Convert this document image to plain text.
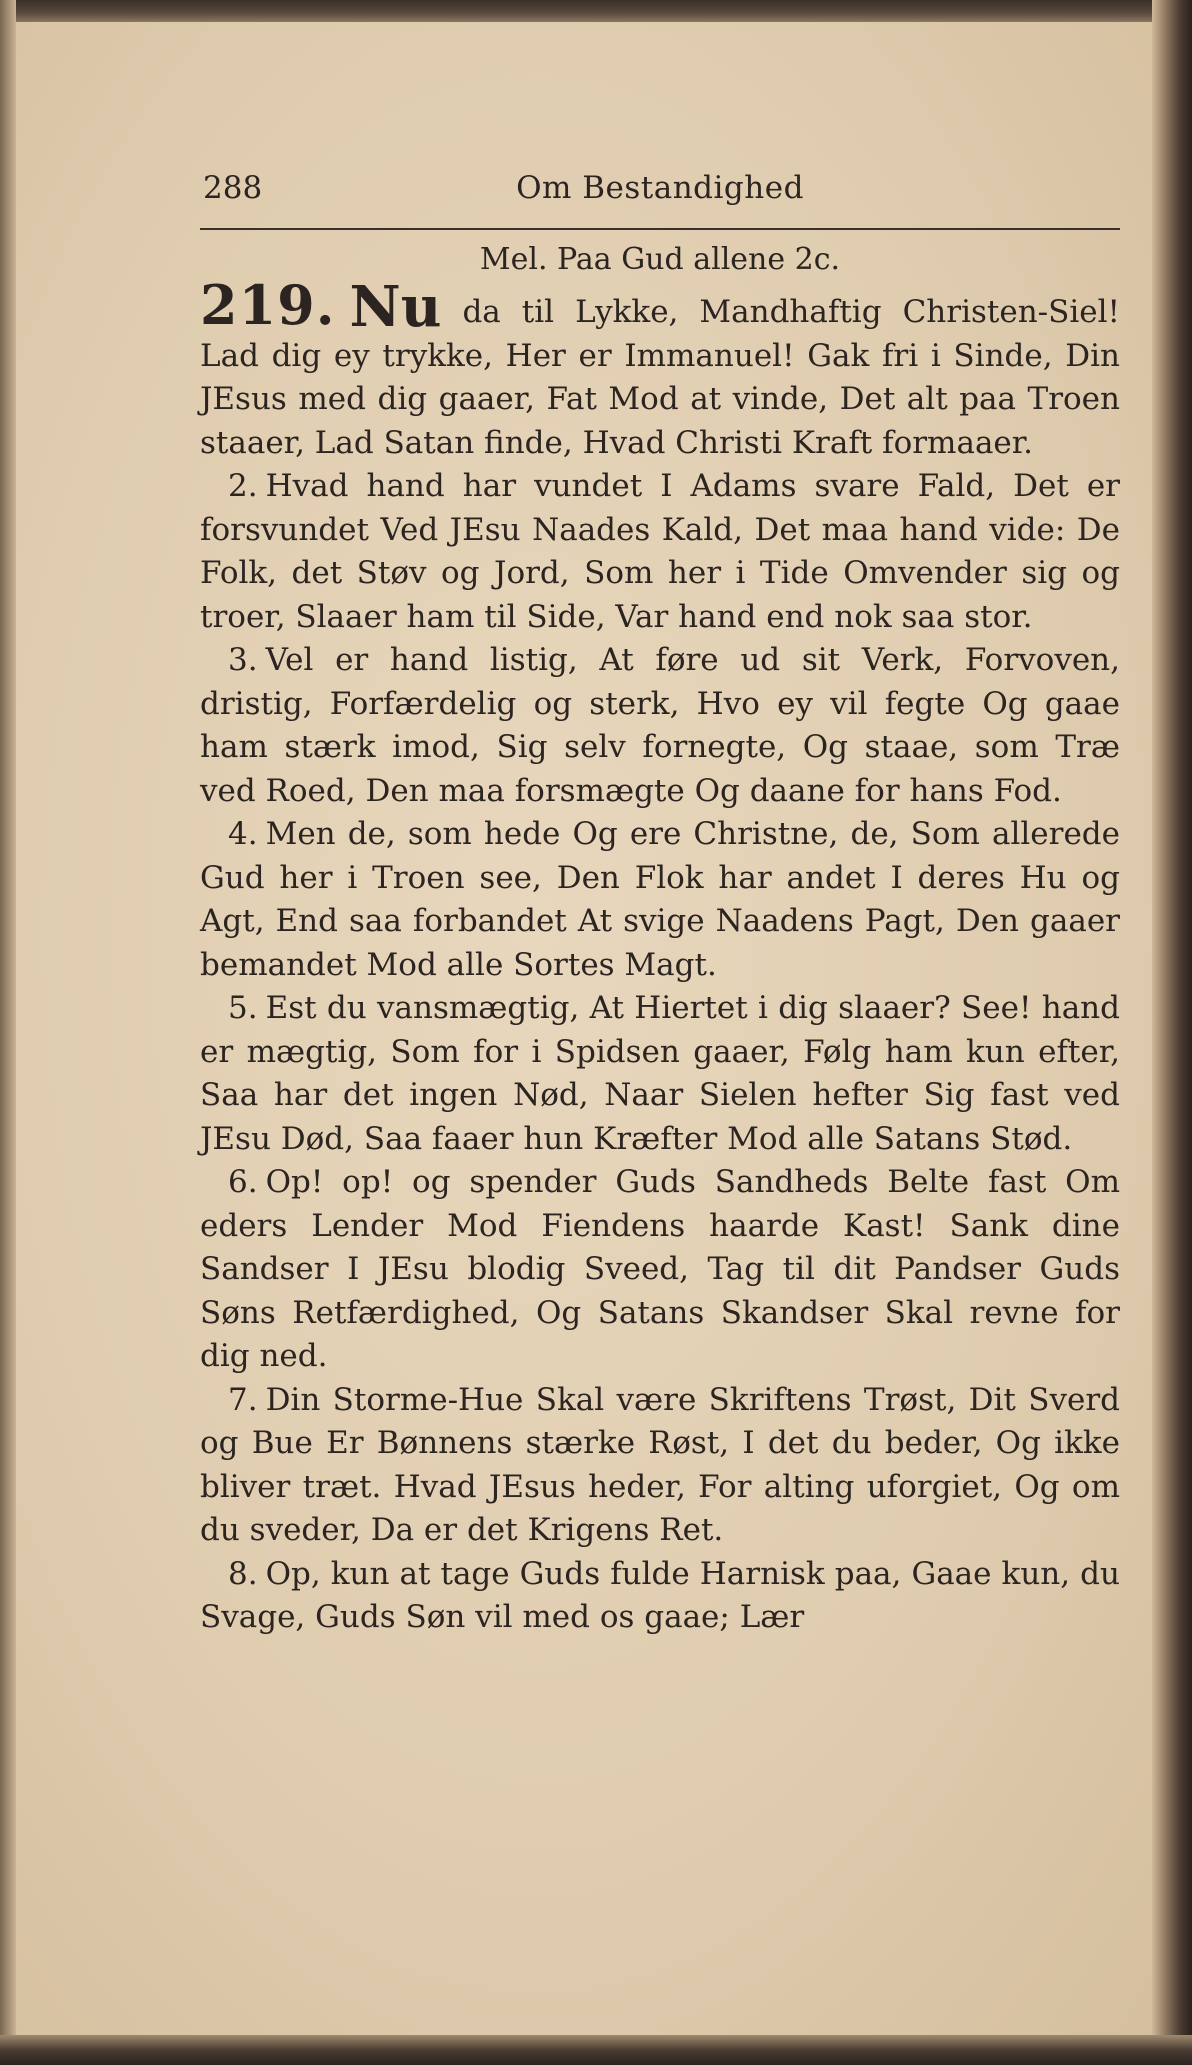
288	Om Bestandighed
Mel. Paa Gud allene 2c.

219. Nu da til Lykke, Mandhaftig Christen-Siel! Lad dig ey trykke, Her er Immanuel! Gak fri i Sinde, Din JEsus med dig gaaer, Fat Mod at vinde, Det alt paa Troen staaer, Lad Satan finde, Hvad Christi Kraft formaaer.

2. Hvad hand har vundet I Adams svare Fald, Det er forsvundet Ved JEsu Naades Kald, Det maa hand vide: De Folk, det Støv og Jord, Som her i Tide Omvender sig og troer, Slaaer ham til Side, Var hand end nok saa stor.

3. Vel er hand listig, At føre ud sit Verk, Forvoven, dristig, Forfærdelig og sterk, Hvo ey vil fegte Og gaae ham stærk imod, Sig selv fornegte, Og staae, som Træ ved Roed, Den maa forsmægte Og daane for hans Fod.

4. Men de, som hede Og ere Christne, de, Som allerede Gud her i Troen see, Den Flok har andet I deres Hu og Agt, End saa forbandet At svige Naadens Pagt, Den gaaer bemandet Mod alle Sortes Magt.

5. Est du vansmægtig, At Hiertet i dig slaaer? See! hand er mægtig, Som for i Spidsen gaaer, Følg ham kun efter, Saa har det ingen Nød, Naar Sielen hefter Sig fast ved JEsu Død, Saa faaer hun Kræfter Mod alle Satans Stød.

6. Op! op! og spender Guds Sandheds Belte fast Om eders Lender Mod Fiendens haarde Kast! Sank dine Sandser I JEsu blodig Sveed, Tag til dit Pandser Guds Søns Retfærdighed, Og Satans Skandser Skal revne for dig ned.

7. Din Storme-Hue Skal være Skriftens Trøst, Dit Sverd og Bue Er Bønnens stærke Røst, I det du beder, Og ikke bliver træt. Hvad JEsus heder, For alting uforgiet, Og om du sveder, Da er det Krigens Ret.

8. Op, kun at tage Guds fulde Harnisk paa, Gaae kun, du Svage, Guds Søn vil med os gaae; Lær
